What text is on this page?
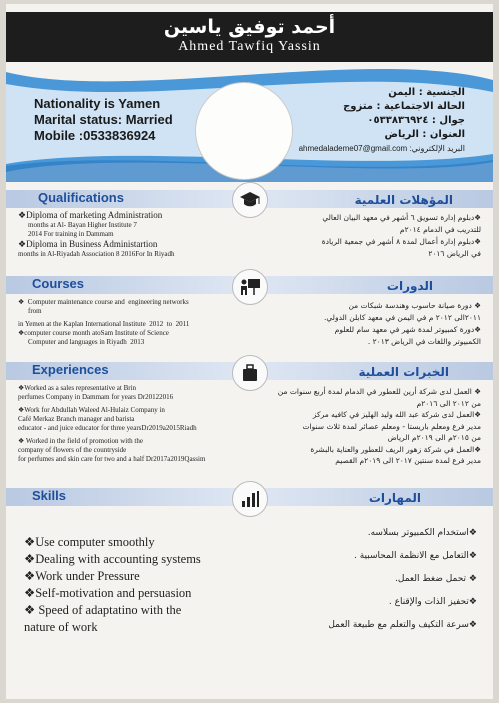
أحمد توفيق ياسين
Ahmed Tawfiq Yassin
Nationality is Yamen
Marital status: Married
Mobile :0533836924
الجنسية : اليمن
الحالة الاجتماعية : متزوج
جوال : ٠٥٣٣٨٣٦٩٢٤
العنوان : الرياض
البريد الإلكتروني: ahmedalademe07@gmail.com
Qualifications	المؤهلات العلمية
❖Diploma of marketing Administration
months at Al- Bayan Higher Institute 7
2014 For training in Dammam
❖Diploma in Business Administartion
months in Al-Riyadah Association 8 2016For In Riyadh
❖دبلوم إدارة تسويق ٦ أشهر في معهد البيان العالي
للتدريب في الدمام ٢٠١٤م
❖دبلوم إدارة أعمال لمدة ٨ أشهر في جمعية الريادة
في الرياض ٢٠١٦
Courses	الدورات
❖  Computer maintenance course and  engineering networks
from
in Yemen at the Kaplan International Institute  2012  to  2011
❖computer course month atoSam Institute of Science
Computer and languages in Riyadh  2013
❖ دورة صيانة حاسوب وهندسة شبكات من
٢٠١١الى ٢٠١٢ م في اليمن في معهد كابلن الدولي.
❖دورة كمبيوتر لمدة شهر في معهد سام للعلوم
الكمبيوتر واللغات في الرياض ٢٠١٣ .
Experiences	الخبرات العملية
❖Worked as a sales representative at Brin
perfumes Company in Dammam for years Dr20122016
❖Work for Abdullah Waleed Al-Hulaiz Company in
Café Merkaz Branch manager and barista
educator - and juice educator for three yearsDr2019a2015Riadh
❖ Worked in the field of promotion with the
company of flowers of the countryside
for perfumes and skin care for two and a half Dr2017a2019Qassim
❖ العمل لدى شركة أرين للعطور في الدمام لمدة أربع سنوات من
من ٢٠١٢ الى ٢٠١٦م
❖العمل لدى شركة عبد الله وليد الهليز في كافيه مركز
مدير فرع ومعلم باريستا - ومعلم عصائر لمدة ثلاث سنوات
من ٢٠١٥م الى ٢٠١٩م الرياض
❖العمل في شركة زهور الريف للعطور والعناية بالبشرة
مدير فرع لمدة سنتين ٢٠١٧ الى ٢٠١٩م القصيم
Skills	المهارات
❖Use computer smoothly
❖Dealing with accounting systems
❖Work under Pressure
❖Self-motivation and persuasion
❖ Speed of adaptatino with the
nature of work
❖استخدام الكمبيوتر بسلاسه.
❖التعامل مع الانظمة المحاسبية .
❖ تحمل ضغط العمل.
❖تحفيز الذات والإقناع .
❖سرعة التكيف والتعلم مع طبيعة العمل
